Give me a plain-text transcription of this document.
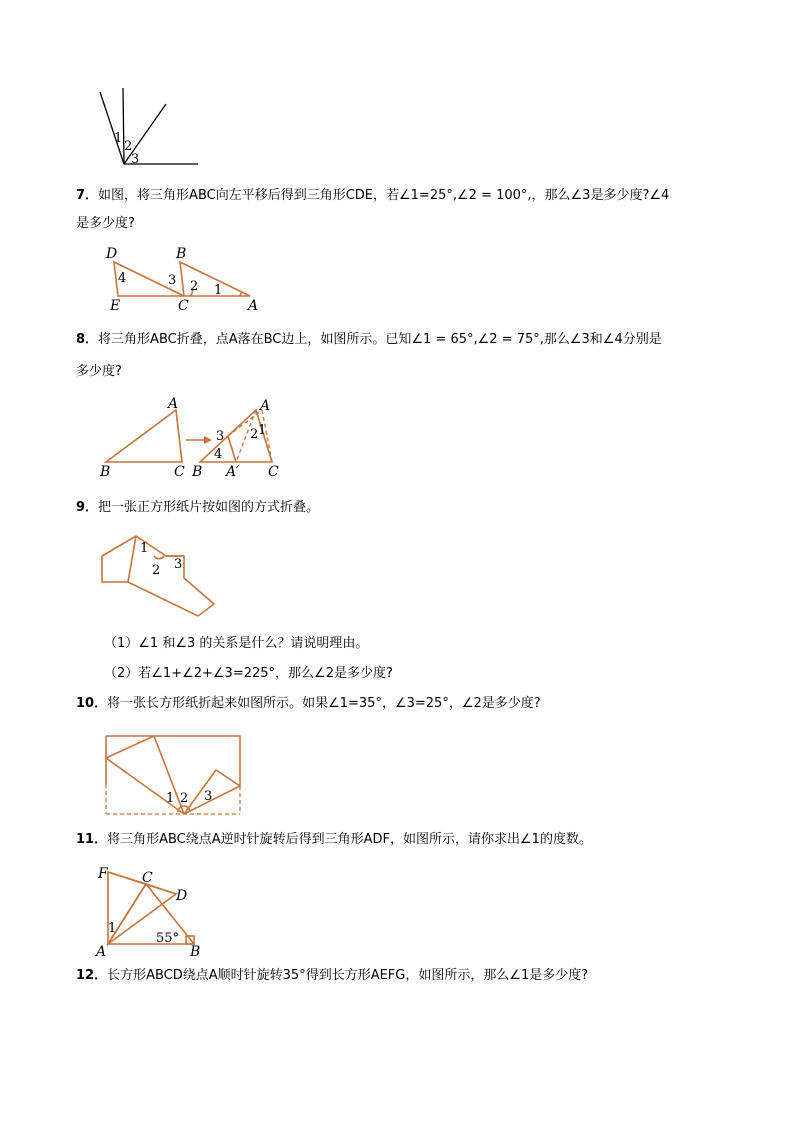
1
2
3
7．如图，将三角形ABC向左平移后得到三角形CDE，若∠1=25°,∠2 = 100°,，那么∠3是多少度?∠4
是多少度?
D	B
E	C	A
4	3 2 1
8．将三角形ABC折叠，点A落在BC边上，如图所示。已知∠1 = 65°,∠2 = 75°,那么∠3和∠4分别是
多少度?
A
B	C
A
B A′ C
3 2 1
4
9．把一张正方形纸片按如图的方式折叠。
1
2 3
（1）∠1 和∠3 的关系是什么？请说明理由。
（2）若∠1+∠2+∠3=225°，那么∠2是多少度?
10．将一张长方形纸折起来如图所示。如果∠1=35°，∠3=25°，∠2是多少度?
1 2 3
11．将三角形ABC绕点A逆时针旋转后得到三角形ADF，如图所示，请你求出∠1的度数。
F C
D
A	B
1
55°
12．长方形ABCD绕点A顺时针旋转35°得到长方形AEFG，如图所示，那么∠1是多少度?
